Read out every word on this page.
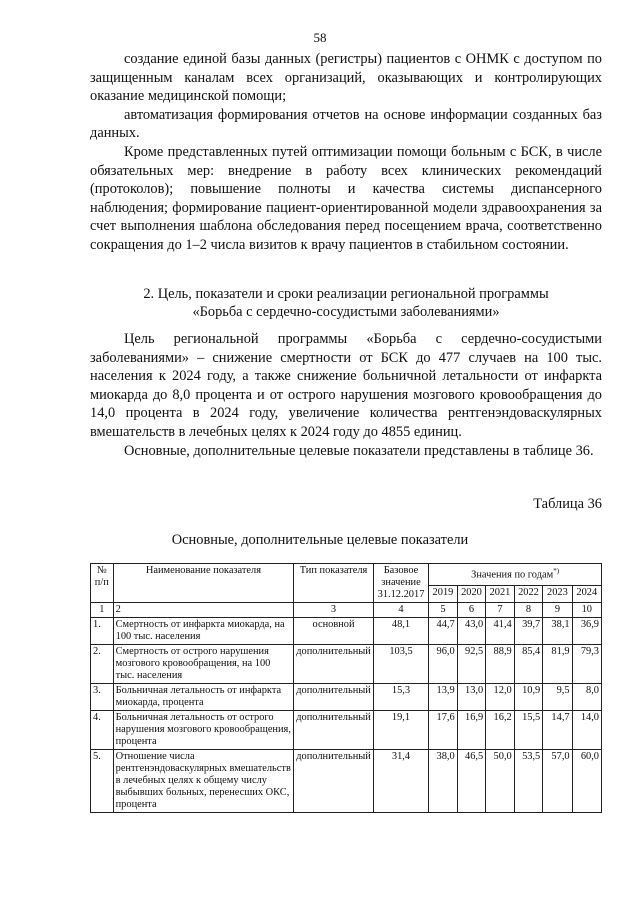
58

создание единой базы данных (регистры) пациентов с ОНМК с доступом по защищенным каналам всех организаций, оказывающих и контролирующих оказание медицинской помощи;

автоматизация формирования отчетов на основе информации созданных баз данных.

Кроме представленных путей оптимизации помощи больным с БСК, в числе обязательных мер: внедрение в работу всех клинических рекомендаций (протоколов); повышение полноты и качества системы диспансерного наблюдения; формирование пациент-ориентированной модели здравоохранения за счет выполнения шаблона обследования перед посещением врача, соответственно сокращения до 1–2 числа визитов к врачу пациентов в стабильном состоянии.

2. Цель, показатели и сроки реализации региональной программы
«Борьба с сердечно-сосудистыми заболеваниями»

Цель региональной программы «Борьба с сердечно-сосудистыми заболеваниями» – снижение смертности от БСК до 477 случаев на 100 тыс. населения к 2024 году, а также снижение больничной летальности от инфаркта миокарда до 8,0 процента и от острого нарушения мозгового кровообращения до 14,0 процента в 2024 году, увеличение количества рентгенэндоваскулярных вмешательств в лечебных целях к 2024 году до 4855 единиц.

Основные, дополнительные целевые показатели представлены в таблице 36.

Таблица 36
Основные, дополнительные целевые показатели
№ п/п	Наименование показателя	Тип показателя	Базовое значение 31.12.2017	Значения по годам*)
				2019	2020	2021	2022	2023	2024
1	2	3	4	5	6	7	8	9	10
1.	Смертность от инфаркта миокарда, на 100 тыс. населения	основной	48,1	44,7	43,0	41,4	39,7	38,1	36,9
2.	Смертность от острого нарушения мозгового кровообращения, на 100 тыс. населения	дополнительный	103,5	96,0	92,5	88,9	85,4	81,9	79,3
3.	Больничная летальность от инфаркта миокарда, процента	дополнительный	15,3	13,9	13,0	12,0	10,9	9,5	8,0
4.	Больничная летальность от острого нарушения мозгового кровообращения, процента	дополнительный	19,1	17,6	16,9	16,2	15,5	14,7	14,0
5.	Отношение числа рентгенэндоваскулярных вмешательств в лечебных целях к общему числу выбывших больных, перенесших ОКС, процента	дополнительный	31,4	38,0	46,5	50,0	53,5	57,0	60,0
